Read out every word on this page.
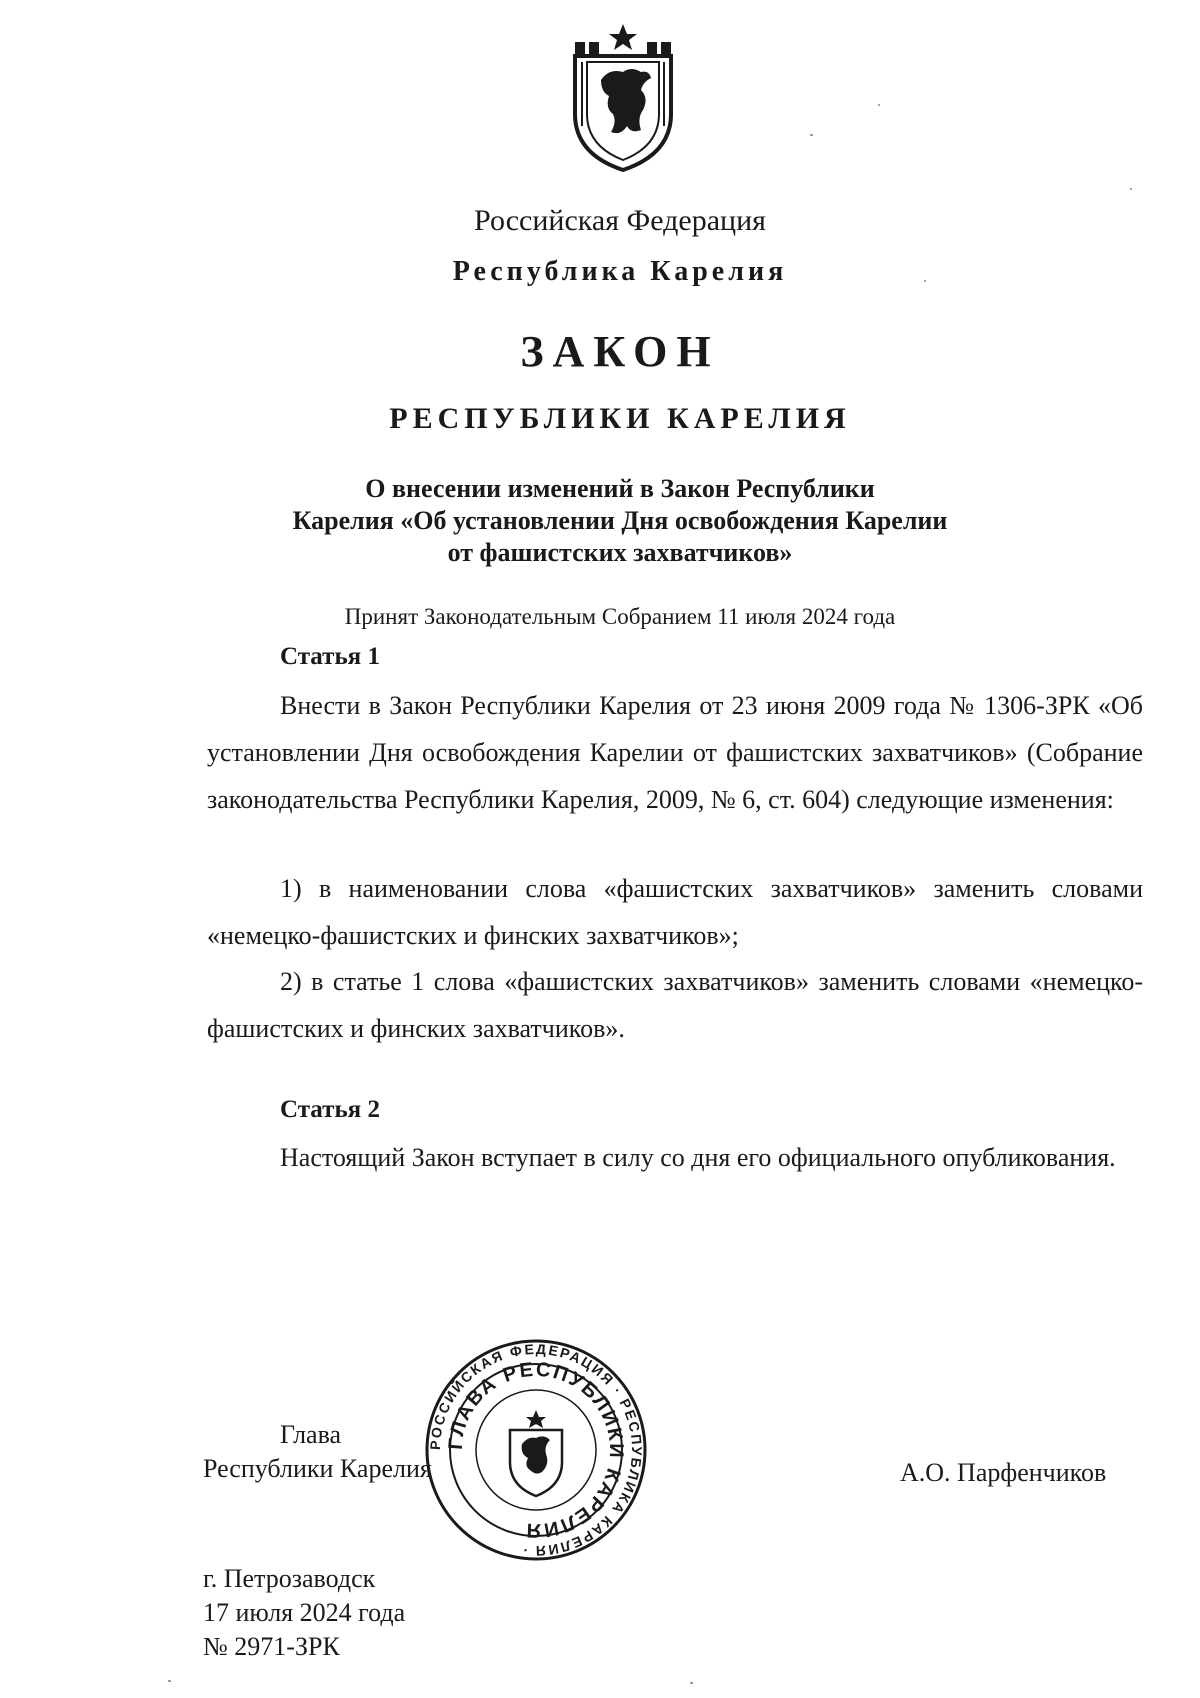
Российская Федерация
Республика Карелия
ЗАКОН
РЕСПУБЛИКИ КАРЕЛИЯ
О внесении изменений в Закон Республики
Карелия «Об установлении Дня освобождения Карелии
от фашистских захватчиков»
Принят Законодательным Собранием 11 июля 2024 года
Статья 1
Внести в Закон Республики Карелия от 23 июня 2009 года № 1306-ЗРК «Об установлении Дня освобождения Карелии от фашистских захватчиков» (Собрание законодательства Республики Карелия, 2009, № 6, ст. 604) следующие изменения:
1) в наименовании слова «фашистских захватчиков» заменить словами «немецко-фашистских и финских захватчиков»;
2) в статье 1 слова «фашистских захватчиков» заменить словами «немецко-фашистских и финских захватчиков».
Статья 2
Настоящий Закон вступает в силу со дня его официального опубликования.
Глава
Республики Карелия	А.О. Парфенчиков
РОССИЙСКАЯ ФЕДЕРАЦИЯ · РЕСПУБЛИКА КАРЕЛИЯ ·
ГЛАВА РЕСПУБЛИКИ КАРЕЛИЯ
г. Петрозаводск
17 июля 2024 года
№ 2971-ЗРК
